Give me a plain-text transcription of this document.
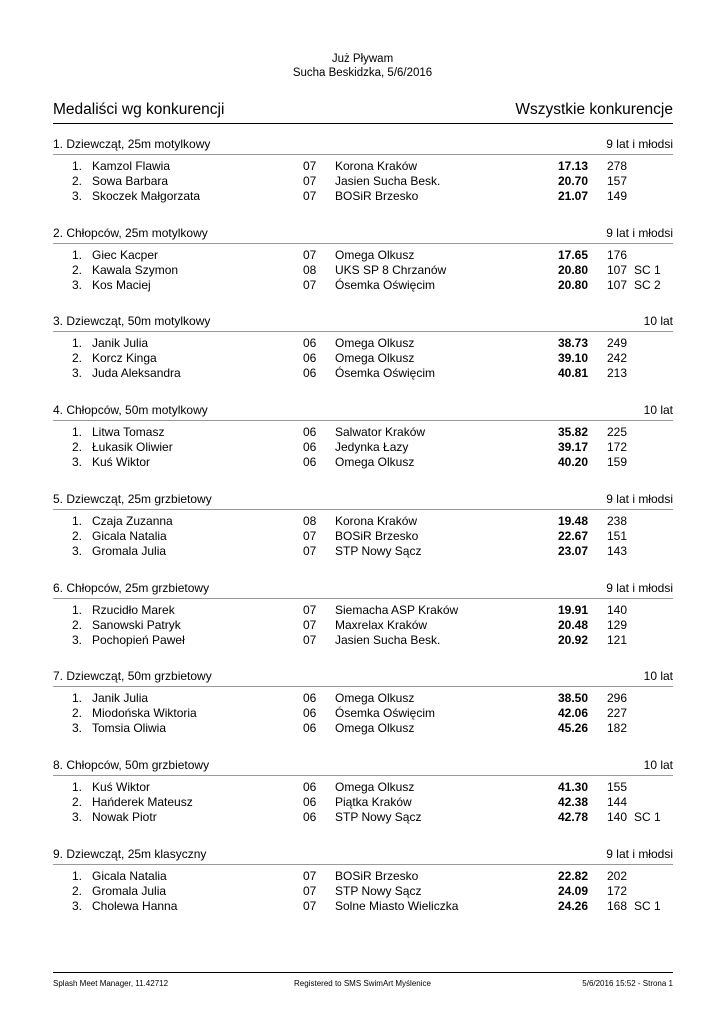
Już Pływam
Sucha Beskidzka, 5/6/2016
Medaliści wg konkurencji	Wszystkie konkurencje
1. Dziewcząt, 25m motylkowy	9 lat i młodsi
1. Kamzol Flawia	07 Korona Kraków	17.13 278
2. Sowa Barbara	07 Jasien Sucha Besk.	20.70 157
3. Skoczek Małgorzata	07 BOSiR Brzesko	21.07 149
2. Chłopców, 25m motylkowy	9 lat i młodsi
1. Giec Kacper	07 Omega Olkusz	17.65 176
2. Kawala Szymon	08 UKS SP 8 Chrzanów	20.80 107 SC 1
3. Kos Maciej	07 Ósemka Oświęcim	20.80 107 SC 2
3. Dziewcząt, 50m motylkowy	10 lat
1. Janik Julia	06 Omega Olkusz	38.73 249
2. Korcz Kinga	06 Omega Olkusz	39.10 242
3. Juda Aleksandra	06 Ósemka Oświęcim	40.81 213
4. Chłopców, 50m motylkowy	10 lat
1. Litwa Tomasz	06 Salwator Kraków	35.82 225
2. Łukasik Oliwier	06 Jedynka Łazy	39.17 172
3. Kuś Wiktor	06 Omega Olkusz	40.20 159
5. Dziewcząt, 25m grzbietowy	9 lat i młodsi
1. Czaja Zuzanna	08 Korona Kraków	19.48 238
2. Gicala Natalia	07 BOSiR Brzesko	22.67 151
3. Gromala Julia	07 STP Nowy Sącz	23.07 143
6. Chłopców, 25m grzbietowy	9 lat i młodsi
1. Rzucidło Marek	07 Siemacha ASP Kraków	19.91 140
2. Sanowski Patryk	07 Maxrelax Kraków	20.48 129
3. Pochopień Paweł	07 Jasien Sucha Besk.	20.92 121
7. Dziewcząt, 50m grzbietowy	10 lat
1. Janik Julia	06 Omega Olkusz	38.50 296
2. Miodońska Wiktoria	06 Ósemka Oświęcim	42.06 227
3. Tomsia Oliwia	06 Omega Olkusz	45.26 182
8. Chłopców, 50m grzbietowy	10 lat
1. Kuś Wiktor	06 Omega Olkusz	41.30 155
2. Hańderek Mateusz	06 Piątka Kraków	42.38 144
3. Nowak Piotr	06 STP Nowy Sącz	42.78 140 SC 1
9. Dziewcząt, 25m klasyczny	9 lat i młodsi
1. Gicala Natalia	07 BOSiR Brzesko	22.82 202
2. Gromala Julia	07 STP Nowy Sącz	24.09 172
3. Cholewa Hanna	07 Solne Miasto Wieliczka	24.26 168 SC 1
Splash Meet Manager, 11.42712	Registered to SMS SwimArt Myślenice	5/6/2016 15:52 - Strona 1
